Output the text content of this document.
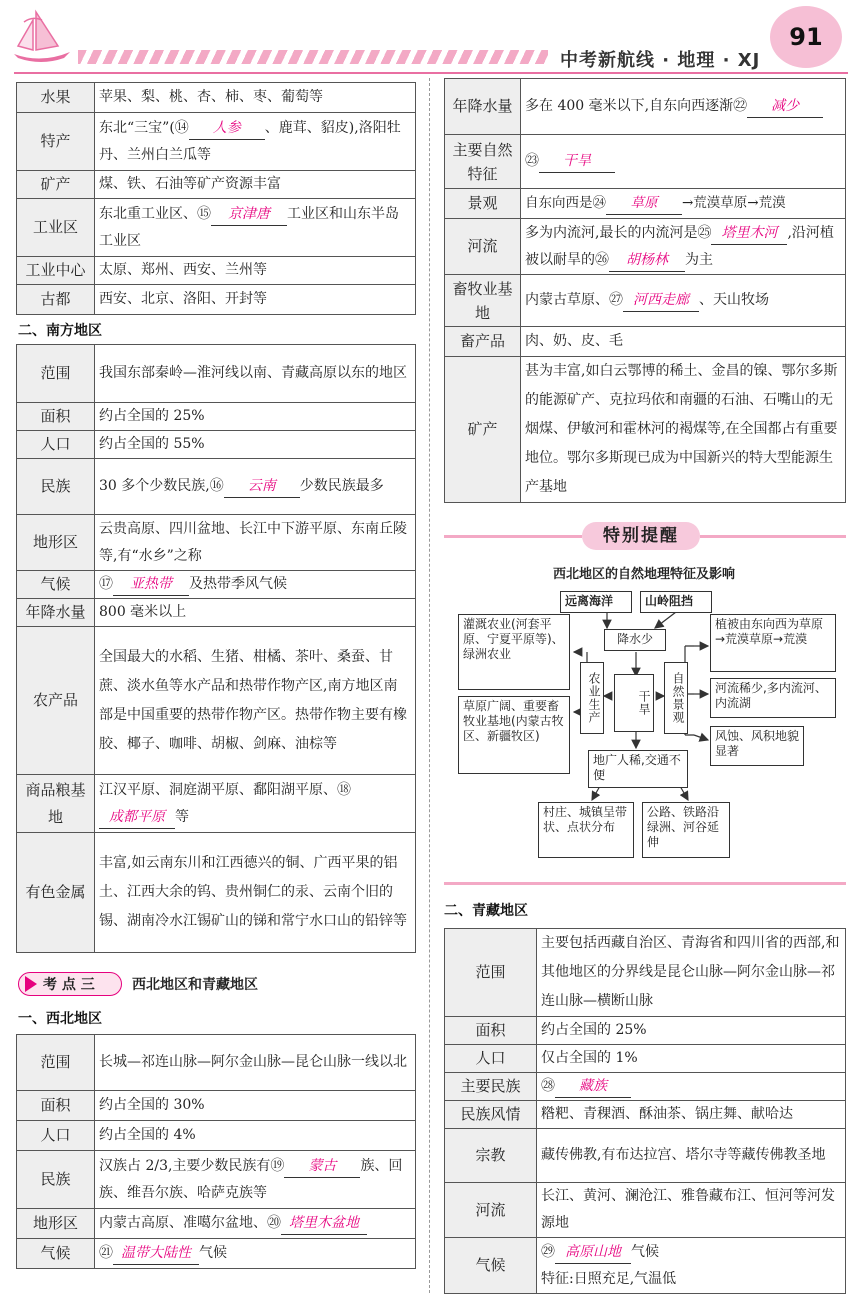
中考新航线 · 地理 · XJ
91
水果	苹果、梨、桃、杏、柿、枣、葡萄等
特产	东北“三宝”(⑭ 人参 、鹿茸、貂皮),洛阳牡丹、兰州白兰瓜等
矿产	煤、铁、石油等矿产资源丰富
工业区	东北重工业区、⑮ 京津唐 工业区和山东半岛工业区
工业中心	太原、郑州、西安、兰州等
古都	西安、北京、洛阳、开封等
二、南方地区
范围	我国东部秦岭—淮河线以南、青藏高原以东的地区
面积	约占全国的 25%
人口	约占全国的 55%
民族	30 多个少数民族,⑯ 云南 少数民族最多
地形区	云贵高原、四川盆地、长江中下游平原、东南丘陵等,有“水乡”之称
气候	⑰ 亚热带 及热带季风气候
年降水量	800 毫米以上
农产品	全国最大的水稻、生猪、柑橘、茶叶、桑蚕、甘蔗、淡水鱼等水产品和热带作物产区,南方地区南部是中国重要的热带作物产区。热带作物主要有橡胶、椰子、咖啡、胡椒、剑麻、油棕等
商品粮基地	江汉平原、洞庭湖平原、鄱阳湖平原、⑱成都平原 等
有色金属	丰富,如云南东川和江西德兴的铜、广西平果的铝土、江西大余的钨、贵州铜仁的汞、云南个旧的锡、湖南冷水江锡矿山的锑和常宁水口山的铅锌等
考 点 三	西北地区和青藏地区
一、西北地区
范围	长城—祁连山脉—阿尔金山脉—昆仑山脉一线以北
面积	约占全国的 30%
人口	约占全国的 4%
民族	汉族占 2/3,主要少数民族有⑲ 蒙古 族、回族、维吾尔族、哈萨克族等
地形区	内蒙古高原、准噶尔盆地、⑳ 塔里木盆地
气候	㉑ 温带大陆性 气候
年降水量	多在 400 毫米以下,自东向西逐渐㉒ 减少
主要自然特征	㉓ 干旱
景观	自东向西是㉔ 草原 →荒漠草原→荒漠
河流	多为内流河,最长的内流河是㉕ 塔里木河 ,沿河植被以耐旱的㉖ 胡杨林 为主
畜牧业基地	内蒙古草原、㉗ 河西走廊 、天山牧场
畜产品	肉、奶、皮、毛
矿产	甚为丰富,如白云鄂博的稀土、金昌的镍、鄂尔多斯的能源矿产、克拉玛依和南疆的石油、石嘴山的无烟煤、伊敏河和霍林河的褐煤等,在全国都占有重要地位。鄂尔多斯现已成为中国新兴的特大型能源生产基地
特别提醒
西北地区的自然地理特征及影响
远离海洋	山岭阻挡
降水少
干旱
农业生产	自然景观
灌溉农业(河套平原、宁夏平原等)、绿洲农业
草原广阔、重要畜牧业基地(内蒙古牧区、新疆牧区)
植被由东向西为草原→荒漠草原→荒漠
河流稀少,多内流河、内流湖
风蚀、风积地貌显著
地广人稀,交通不便
村庄、城镇呈带状、点状分布
公路、铁路沿绿洲、河谷延伸
二、青藏地区
范围	主要包括西藏自治区、青海省和四川省的西部,和其他地区的分界线是昆仑山脉—阿尔金山脉—祁连山脉—横断山脉
面积	约占全国的 25%
人口	仅占全国的 1%
主要民族	㉘ 藏族
民族风情	糌粑、青稞酒、酥油茶、锅庄舞、献哈达
宗教	藏传佛教,有布达拉宫、塔尔寺等藏传佛教圣地
河流	长江、黄河、澜沧江、雅鲁藏布江、恒河等河发源地
气候	㉙ 高原山地 气候
特征:日照充足,气温低
